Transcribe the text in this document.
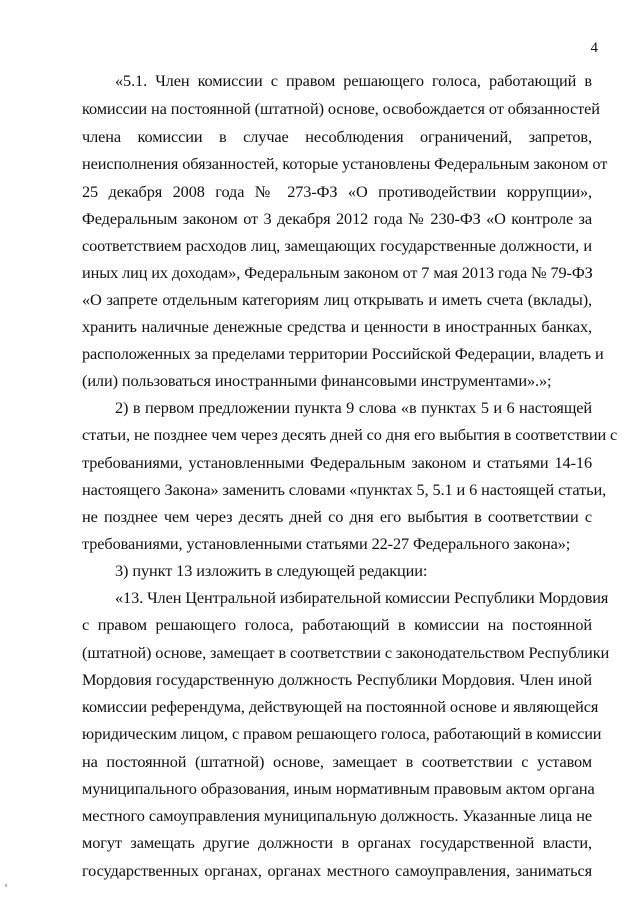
4
«5.1. Член комиссии с правом решающего голоса, работающий в
комиссии на постоянной (штатной) основе, освобождается от обязанностей
члена комиссии в случае несоблюдения ограничений, запретов,
неисполнения обязанностей, которые установлены Федеральным законом от
25 декабря 2008 года № 273-ФЗ «О противодействии коррупции»,
Федеральным законом от 3 декабря 2012 года № 230-ФЗ «О контроле за
соответствием расходов лиц, замещающих государственные должности, и
иных лиц их доходам», Федеральным законом от 7 мая 2013 года № 79-ФЗ
«О запрете отдельным категориям лиц открывать и иметь счета (вклады),
хранить наличные денежные средства и ценности в иностранных банках,
расположенных за пределами территории Российской Федерации, владеть и
(или) пользоваться иностранными финансовыми инструментами».»;
2) в первом предложении пункта 9 слова «в пунктах 5 и 6 настоящей
статьи, не позднее чем через десять дней со дня его выбытия в соответствии с
требованиями, установленными Федеральным законом и статьями 14-16
настоящего Закона» заменить словами «пунктах 5, 5.1 и 6 настоящей статьи,
не позднее чем через десять дней со дня его выбытия в соответствии с
требованиями, установленными статьями 22-27 Федерального закона»;
3) пункт 13 изложить в следующей редакции:
«13. Член Центральной избирательной комиссии Республики Мордовия
с правом решающего голоса, работающий в комиссии на постоянной
(штатной) основе, замещает в соответствии с законодательством Республики
Мордовия государственную должность Республики Мордовия. Член иной
комиссии референдума, действующей на постоянной основе и являющейся
юридическим лицом, с правом решающего голоса, работающий в комиссии
на постоянной (штатной) основе, замещает в соответствии с уставом
муниципального образования, иным нормативным правовым актом органа
местного самоуправления муниципальную должность. Указанные лица не
могут замещать другие должности в органах государственной власти,
государственных органах, органах местного самоуправления, заниматься
